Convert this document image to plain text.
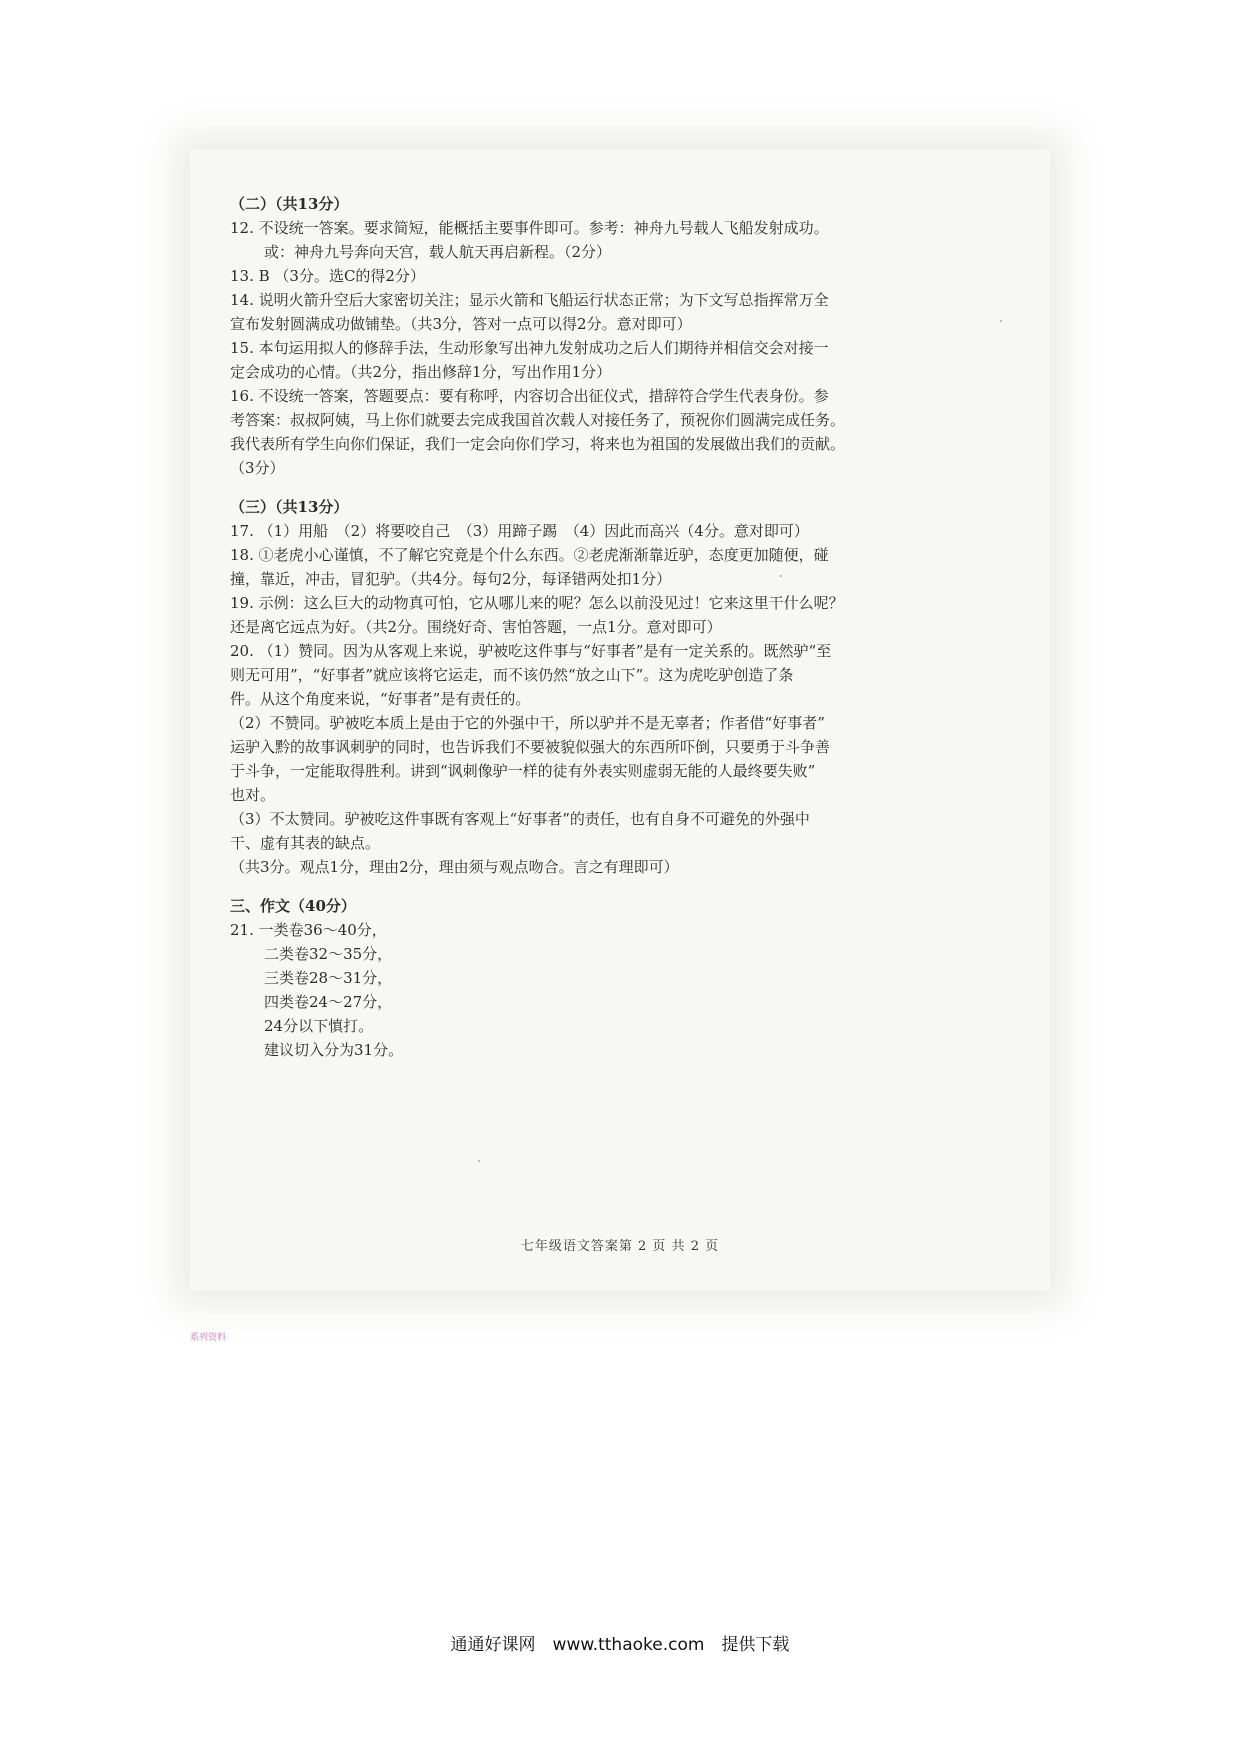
（二）（共13分）

12. 不设统一答案。要求简短，能概括主要事件即可。参考：神舟九号载人飞船发射成功。

或：神舟九号奔向天宫，载人航天再启新程。（2分）

13. B （3分。选C的得2分）

14. 说明火箭升空后大家密切关注；显示火箭和飞船运行状态正常；为下文写总指挥常万全

宣布发射圆满成功做铺垫。（共3分，答对一点可以得2分。意对即可）

15. 本句运用拟人的修辞手法，生动形象写出神九发射成功之后人们期待并相信交会对接一

定会成功的心情。（共2分，指出修辞1分，写出作用1分）

16. 不设统一答案，答题要点：要有称呼，内容切合出征仪式，措辞符合学生代表身份。参

考答案：叔叔阿姨，马上你们就要去完成我国首次载人对接任务了，预祝你们圆满完成任务。

我代表所有学生向你们保证，我们一定会向你们学习，将来也为祖国的发展做出我们的贡献。

（3分）

（三）（共13分）

17. （1）用船　（2）将要咬自己　（3）用蹄子踢　（4）因此而高兴（4分。意对即可）

18. ①老虎小心谨慎，不了解它究竟是个什么东西。②老虎渐渐靠近驴，态度更加随便，碰

撞，靠近，冲击，冒犯驴。（共4分。每句2分，每译错两处扣1分）

19. 示例：这么巨大的动物真可怕，它从哪儿来的呢？怎么以前没见过！它来这里干什么呢？

还是离它远点为好。（共2分。围绕好奇、害怕答题，一点1分。意对即可）

20. （1）赞同。因为从客观上来说，驴被吃这件事与“好事者”是有一定关系的。既然驴“至

则无可用”，“好事者”就应该将它运走，而不该仍然“放之山下”。这为虎吃驴创造了条

件。从这个角度来说，“好事者”是有责任的。

（2）不赞同。驴被吃本质上是由于它的外强中干，所以驴并不是无辜者；作者借“好事者”

运驴入黔的故事讽刺驴的同时，也告诉我们不要被貌似强大的东西所吓倒，只要勇于斗争善

于斗争，一定能取得胜利。讲到“讽刺像驴一样的徒有外表实则虚弱无能的人最终要失败”

也对。

（3）不太赞同。驴被吃这件事既有客观上“好事者”的责任，也有自身不可避免的外强中

干、虚有其表的缺点。

（共3分。观点1分，理由2分，理由须与观点吻合。言之有理即可）

三、作文（40分）

21. 一类卷36～40分，

二类卷32～35分，

三类卷28～31分，

四类卷24～27分，

24分以下慎打。

建议切入分为31分。

七年级语文答案第 2 页 共 2 页
系列资料
通通好课网　www.tthaoke.com　提供下载
